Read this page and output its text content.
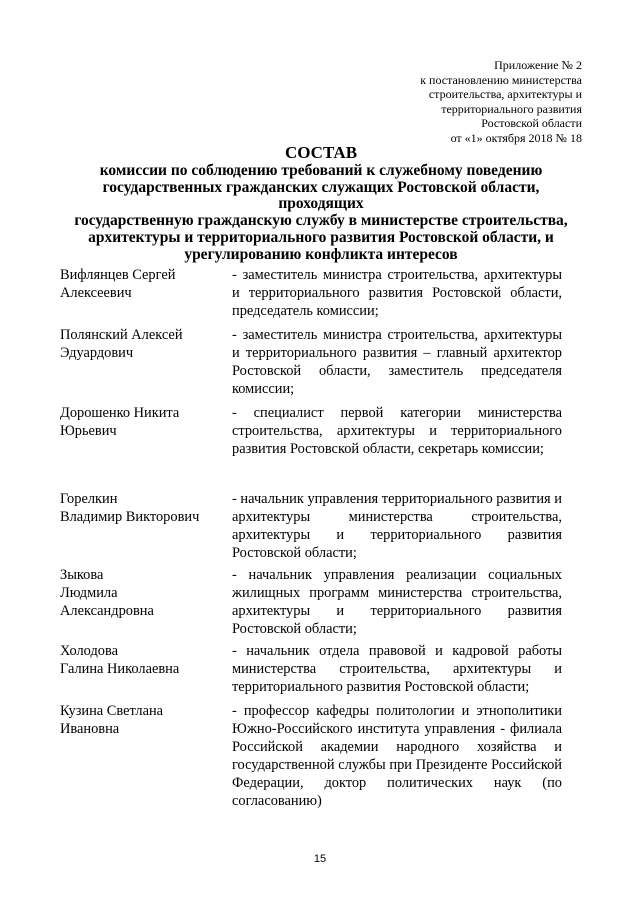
Приложение № 2
к постановлению министерства
строительства, архитектуры и
территориального развития
Ростовской области
от «1» октября 2018 № 18
СОСТАВ
комиссии по соблюдению требований к служебному поведению
государственных гражданских служащих Ростовской области, проходящих
государственную гражданскую службу в министерстве строительства,
архитектуры и территориального развития Ростовской области, и
урегулированию конфликта интересов
Вифлянцев Сергей
Алексеевич
- заместитель министра строительства, архитектуры и территориального развития Ростовской области, председатель комиссии;
Полянский Алексей
Эдуардович
- заместитель министра строительства, архитектуры и территориального развития – главный архитектор Ростовской области, заместитель председателя комиссии;
Дорошенко Никита
Юрьевич
- специалист первой категории министерства строительства, архитектуры и территориального развития Ростовской области, секретарь комиссии;
Горелкин
Владимир Викторович
- начальник управления территориального развития и архитектуры министерства строительства, архитектуры и территориального развития Ростовской области;
Зыкова
Людмила
Александровна
- начальник управления реализации социальных жилищных программ министерства строительства, архитектуры и территориального развития Ростовской области;
Холодова
Галина Николаевна
- начальник отдела правовой и кадровой работы министерства строительства, архитектуры и территориального развития Ростовской области;
Кузина Светлана
Ивановна
- профессор кафедры политологии и этнополитики Южно-Российского института управления - филиала Российской академии народного хозяйства и государственной службы при Президенте Российской Федерации, доктор политических наук (по согласованию)
15
